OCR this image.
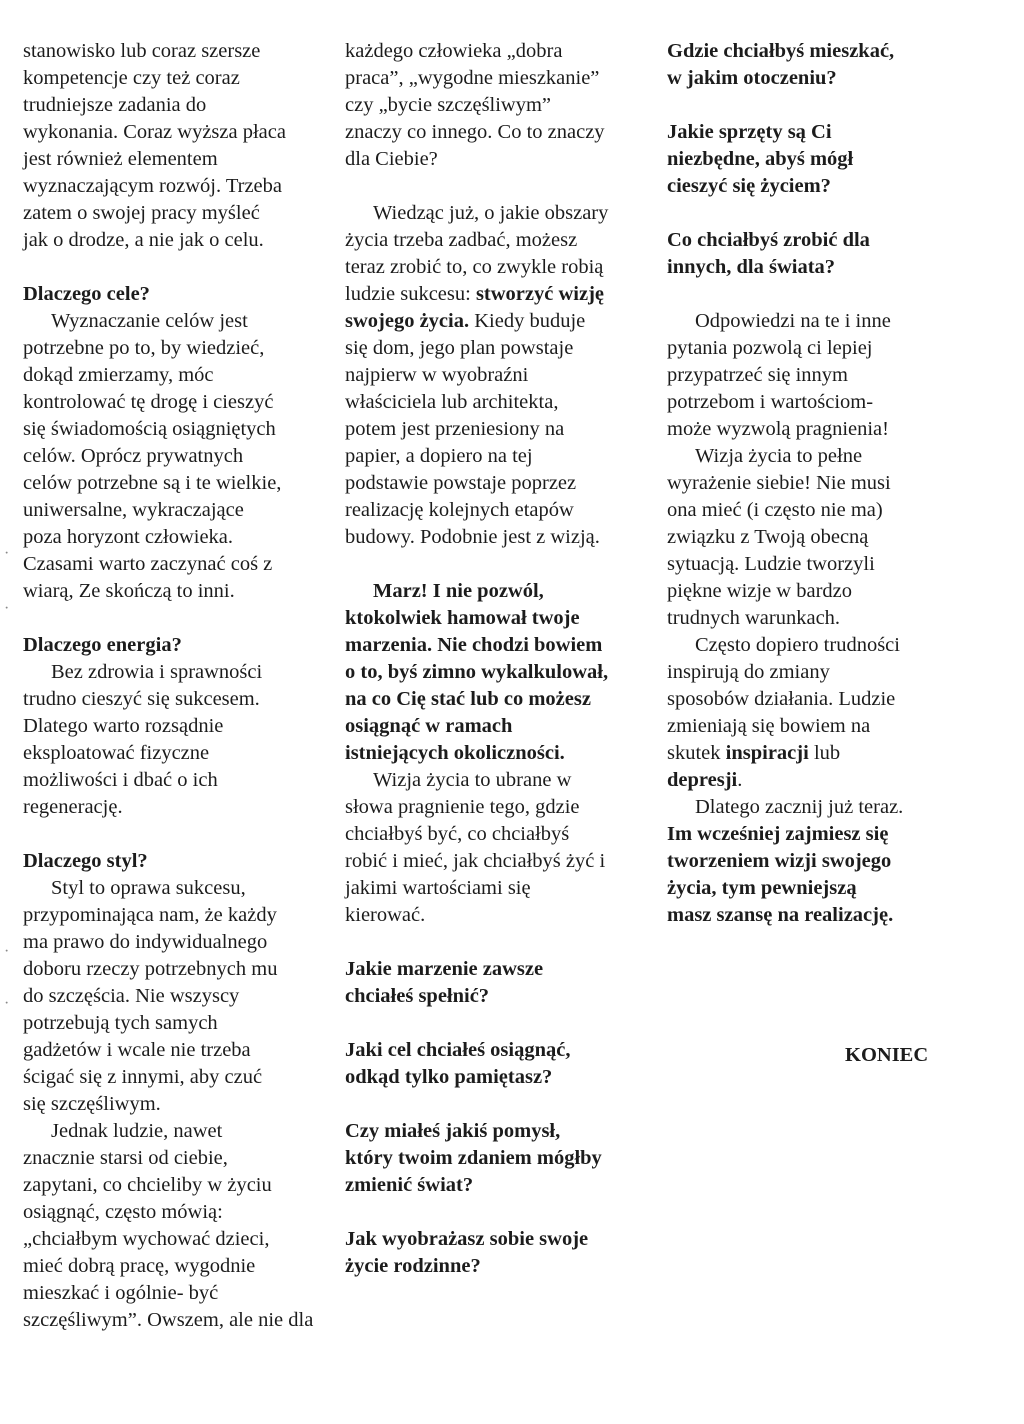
stanowisko lub coraz szersze
kompetencje czy też coraz
trudniejsze zadania do
wykonania. Coraz wyższa płaca
jest również elementem
wyznaczającym rozwój. Trzeba
zatem o swojej pracy myśleć
jak o drodze, a nie jak o celu.

Dlaczego cele?

Wyznaczanie celów jest
potrzebne po to, by wiedzieć,
dokąd zmierzamy, móc
kontrolować tę drogę i cieszyć
się świadomością osiągniętych
celów. Oprócz prywatnych
celów potrzebne są i te wielkie,
uniwersalne, wykraczające
poza horyzont człowieka.
Czasami warto zaczynać coś z
wiarą, Ze skończą to inni.

Dlaczego energia?

Bez zdrowia i sprawności
trudno cieszyć się sukcesem.
Dlatego warto rozsądnie
eksploatować fizyczne
możliwości i dbać o ich
regenerację.

Dlaczego styl?

Styl to oprawa sukcesu,
przypominająca nam, że każdy
ma prawo do indywidualnego
doboru rzeczy potrzebnych mu
do szczęścia. Nie wszyscy
potrzebują tych samych
gadżetów i wcale nie trzeba
ścigać się z innymi, aby czuć
się szczęśliwym.

Jednak ludzie, nawet
znacznie starsi od ciebie,
zapytani, co chcieliby w życiu
osiągnąć, często mówią:
„chciałbym wychować dzieci,
mieć dobrą pracę, wygodnie
mieszkać i ogólnie- być
szczęśliwym”. Owszem, ale nie dla

każdego człowieka „dobra
praca”, „wygodne mieszkanie”
czy „bycie szczęśliwym”
znaczy co innego. Co to znaczy
dla Ciebie?

Wiedząc już, o jakie obszary
życia trzeba zadbać, możesz
teraz zrobić to, co zwykle robią
ludzie sukcesu: stworzyć wizję
swojego życia. Kiedy buduje
się dom, jego plan powstaje
najpierw w wyobraźni
właściciela lub architekta,
potem jest przeniesiony na
papier, a dopiero na tej
podstawie powstaje poprzez
realizację kolejnych etapów
budowy. Podobnie jest z wizją.

Marz! I nie pozwól,
ktokolwiek hamował twoje
marzenia. Nie chodzi bowiem
o to, byś zimno wykalkulował,
na co Cię stać lub co możesz
osiągnąć w ramach
istniejących okoliczności.

Wizja życia to ubrane w
słowa pragnienie tego, gdzie
chciałbyś być, co chciałbyś
robić i mieć, jak chciałbyś żyć i
jakimi wartościami się
kierować.

Jakie marzenie zawsze
chciałeś spełnić?

Jaki cel chciałeś osiągnąć,
odkąd tylko pamiętasz?

Czy miałeś jakiś pomysł,
który twoim zdaniem mógłby
zmienić świat?

Jak wyobrażasz sobie swoje
życie rodzinne?

Gdzie chciałbyś mieszkać,
w jakim otoczeniu?

Jakie sprzęty są Ci
niezbędne, abyś mógł
cieszyć się życiem?

Co chciałbyś zrobić dla
innych, dla świata?

Odpowiedzi na te i inne
pytania pozwolą ci lepiej
przypatrzeć się innym
potrzebom i wartościom-
może wyzwolą pragnienia!

Wizja życia to pełne
wyrażenie siebie! Nie musi
ona mieć (i często nie ma)
związku z Twoją obecną
sytuacją. Ludzie tworzyli
piękne wizje w bardzo
trudnych warunkach.

Często dopiero trudności
inspirują do zmiany
sposobów działania. Ludzie
zmieniają się bowiem na
skutek inspiracji lub
depresji.

Dlatego zacznij już teraz.

Im wcześniej zajmiesz się
tworzeniem wizji swojego
życia, tym pewniejszą
masz szansę na realizację.

KONIEC
·
·
·
·
